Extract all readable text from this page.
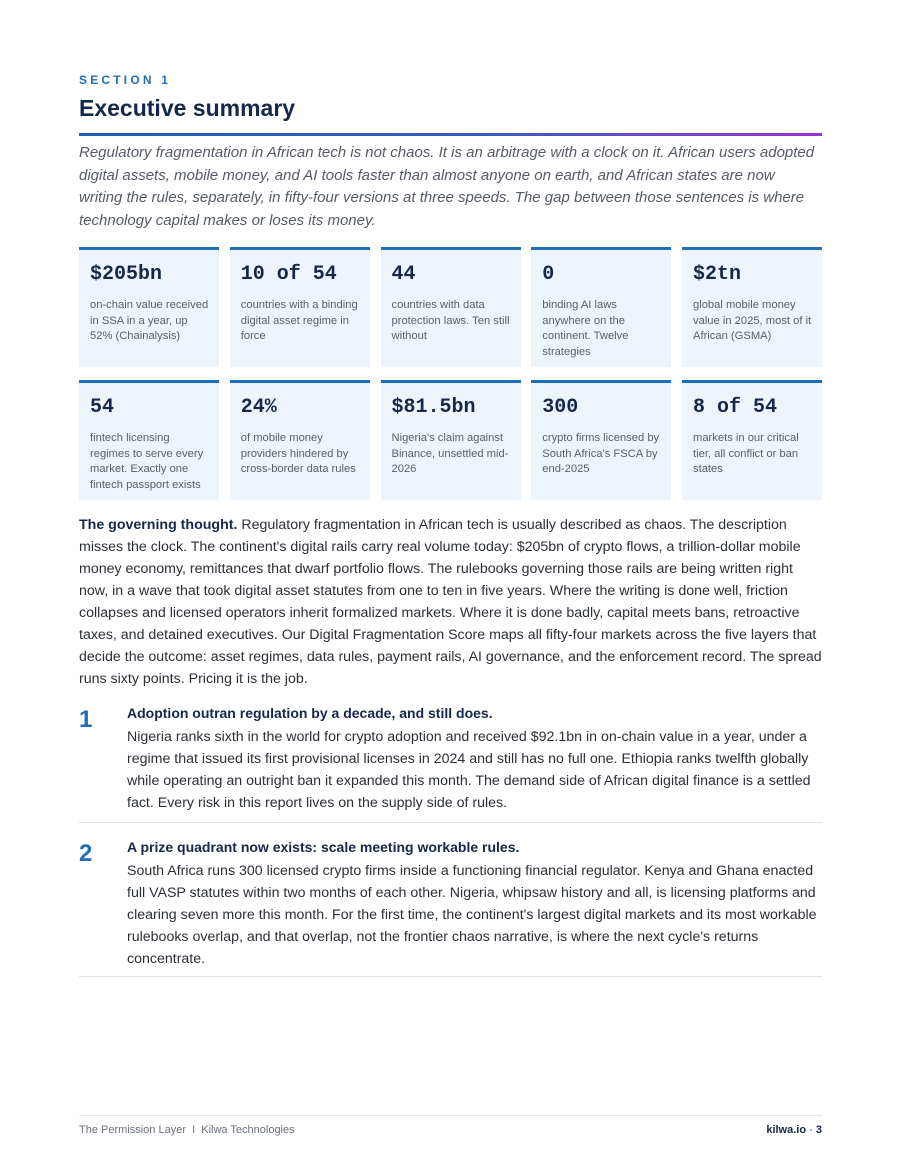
SECTION 1
Executive summary

Regulatory fragmentation in African tech is not chaos. It is an arbitrage with a clock on it. African users adopted digital assets, mobile money, and AI tools faster than almost anyone on earth, and African states are now writing the rules, separately, in fifty-four versions at three speeds. The gap between those sentences is where technology capital makes or loses its money.

$205bn
on-chain value received in SSA in a year, up 52% (Chainalysis)
10 of 54
countries with a binding digital asset regime in force
44
countries with data protection laws. Ten still without
0
binding AI laws anywhere on the continent. Twelve strategies
$2tn
global mobile money value in 2025, most of it African (GSMA)
54
fintech licensing regimes to serve every market. Exactly one fintech passport exists
24%
of mobile money providers hindered by cross-border data rules
$81.5bn
Nigeria's claim against Binance, unsettled mid-2026
300
crypto firms licensed by South Africa's FSCA by end-2025
8 of 54
markets in our critical tier, all conflict or ban states

The governing thought. Regulatory fragmentation in African tech is usually described as chaos. The description misses the clock. The continent's digital rails carry real volume today: $205bn of crypto flows, a trillion-dollar mobile money economy, remittances that dwarf portfolio flows. The rulebooks governing those rails are being written right now, in a wave that took digital asset statutes from one to ten in five years. Where the writing is done well, friction collapses and licensed operators inherit formalized markets. Where it is done badly, capital meets bans, retroactive taxes, and detained executives. Our Digital Fragmentation Score maps all fifty-four markets across the five layers that decide the outcome: asset regimes, data rules, payment rails, AI governance, and the enforcement record. The spread runs sixty points. Pricing it is the job.

1 Adoption outran regulation by a decade, and still does.
Nigeria ranks sixth in the world for crypto adoption and received $92.1bn in on-chain value in a year, under a regime that issued its first provisional licenses in 2024 and still has no full one. Ethiopia ranks twelfth globally while operating an outright ban it expanded this month. The demand side of African digital finance is a settled fact. Every risk in this report lives on the supply side of rules.
2 A prize quadrant now exists: scale meeting workable rules.
South Africa runs 300 licensed crypto firms inside a functioning financial regulator. Kenya and Ghana enacted full VASP statutes within two months of each other. Nigeria, whipsaw history and all, is licensing platforms and clearing seven more this month. For the first time, the continent's largest digital markets and its most workable rulebooks overlap, and that overlap, not the frontier chaos narrative, is where the next cycle's returns concentrate.
The Permission Layer  I  Kilwa Technologies	kilwa.io · 3
